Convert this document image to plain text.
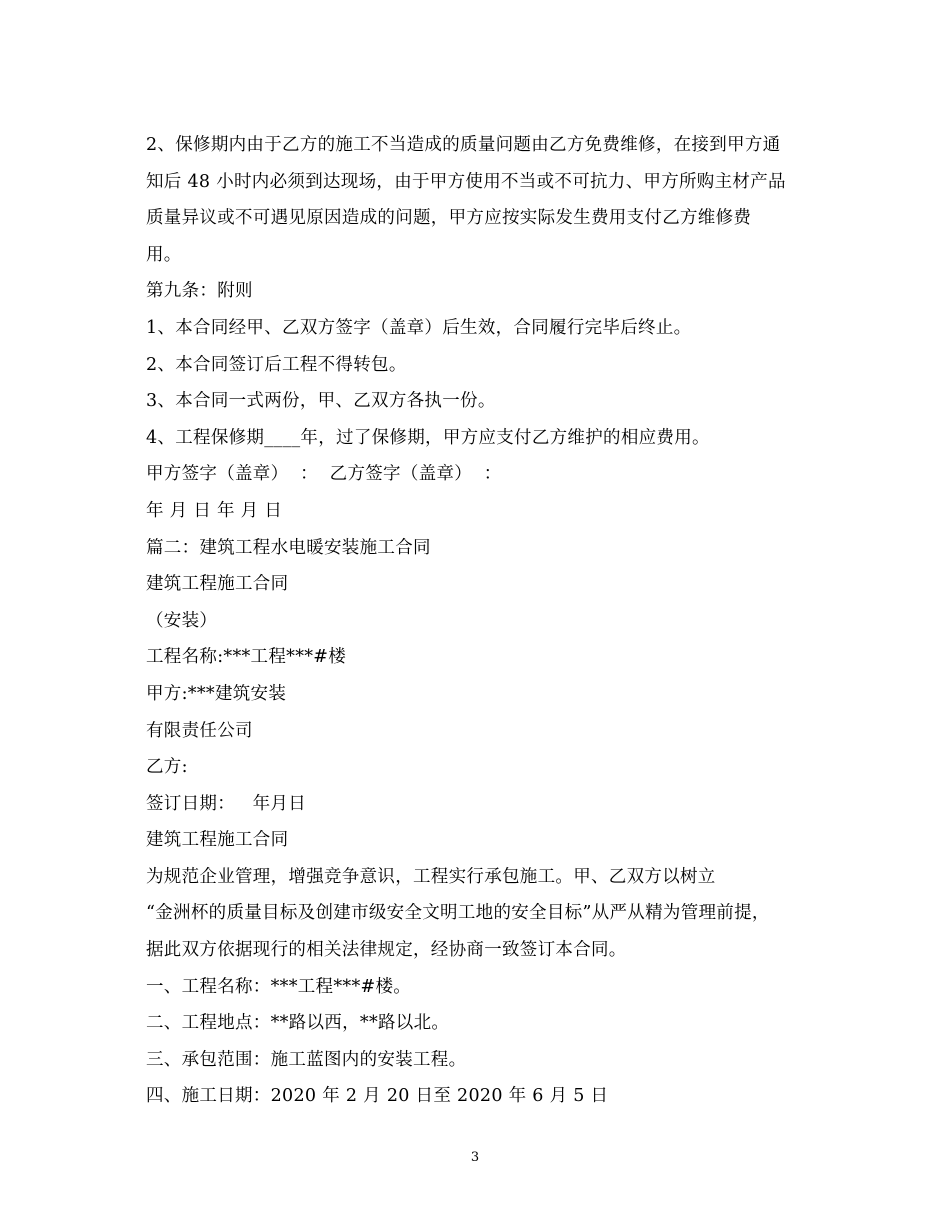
2、保修期内由于乙方的施工不当造成的质量问题由乙方免费维修，在接到甲方通
知后 48 小时内必须到达现场，由于甲方使用不当或不可抗力、甲方所购主材产品
质量异议或不可遇见原因造成的问题，甲方应按实际发生费用支付乙方维修费
用。
第九条：附则
1、本合同经甲、乙双方签字（盖章）后生效，合同履行完毕后终止。
2、本合同签订后工程不得转包。
3、本合同一式两份，甲、乙双方各执一份。
4、工程保修期____年，过了保修期，甲方应支付乙方维护的相应费用。
甲方签字（盖章）  ：  乙方签字（盖章）  ：
年 月 日 年 月 日
篇二：建筑工程水电暖安装施工合同
建筑工程施工合同
（安装）
工程名称:***工程***#楼
甲方:***建筑安装
有限责任公司
乙方:
签订日期：   年月日
建筑工程施工合同
为规范企业管理，增强竞争意识，工程实行承包施工。甲、乙双方以树立
“金洲杯的质量目标及创建市级安全文明工地的安全目标”从严从精为管理前提，
据此双方依据现行的相关法律规定，经协商一致签订本合同。
一、工程名称：***工程***#楼。
二、工程地点：**路以西，**路以北。
三、承包范围：施工蓝图内的安装工程。
四、施工日期：2020 年 2 月 20 日至 2020 年 6 月 5 日
3
